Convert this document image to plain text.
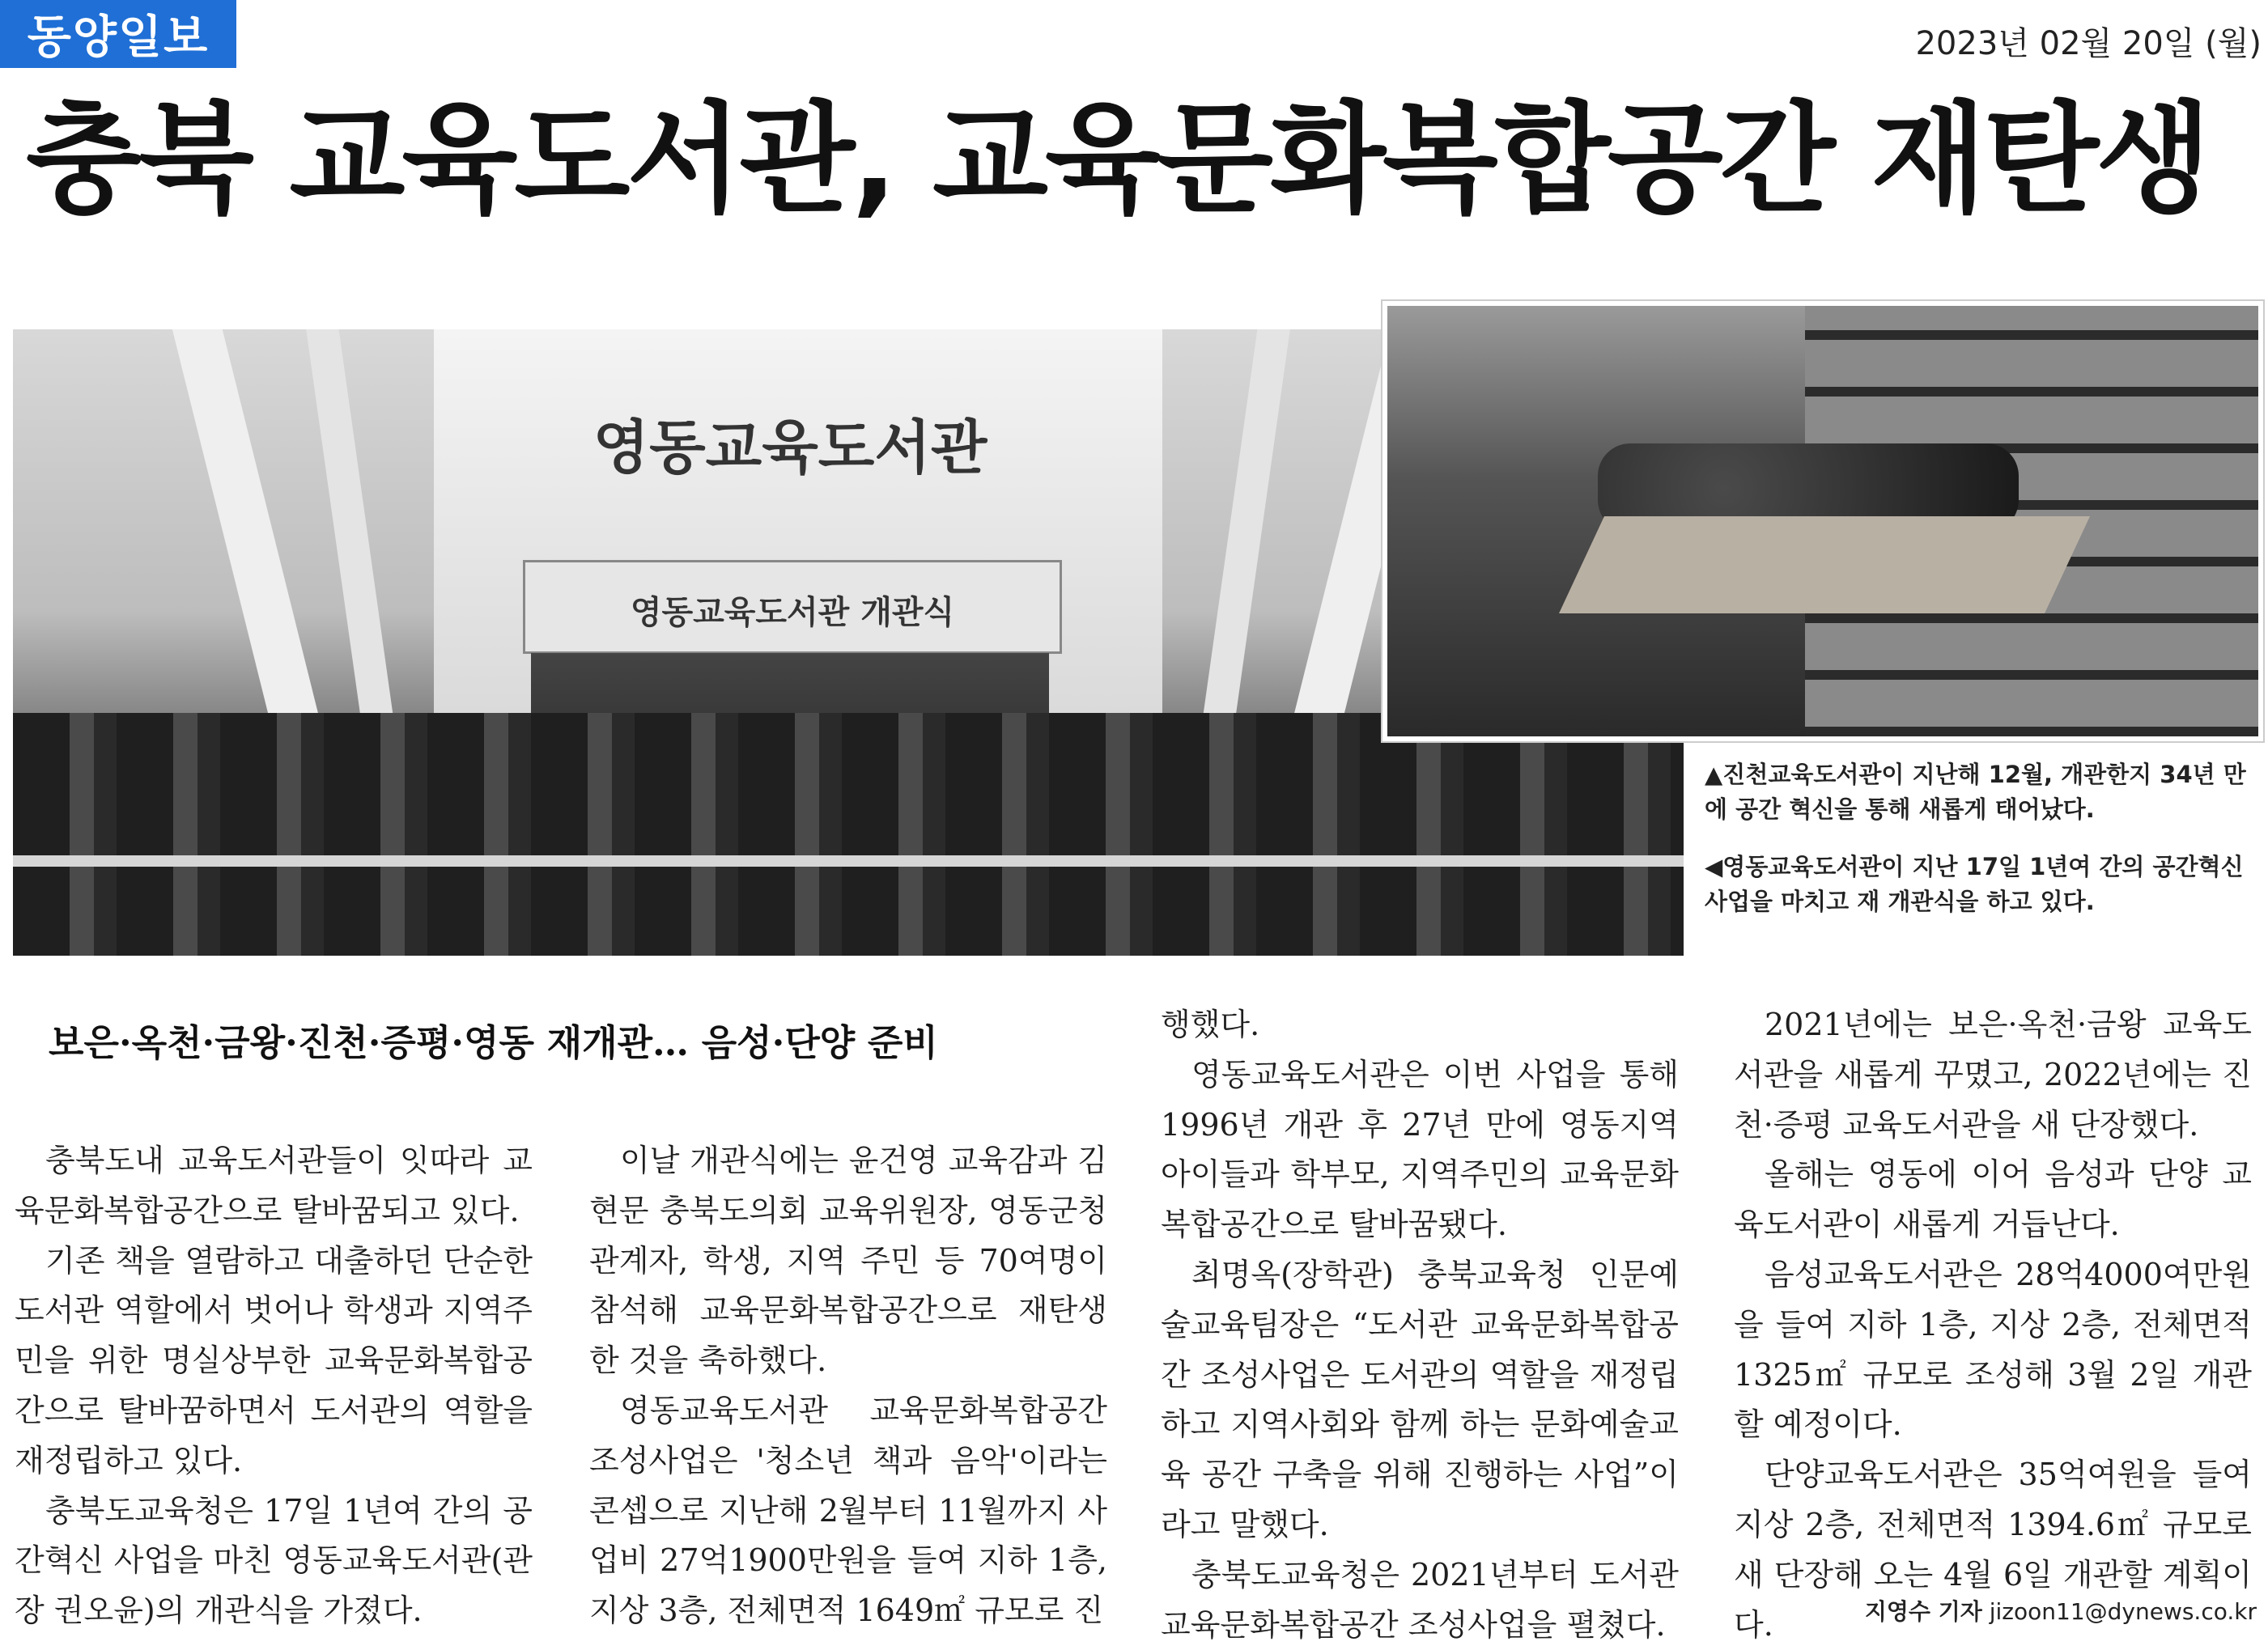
동양일보	2023년 02월 20일 (월)
충북 교육도서관, 교육문화복합공간 재탄생
영동교육도서관
영동교육도서관 개관식

▲진천교육도서관이 지난해 12월, 개관한지 34년 만에 공간 혁신을 통해 새롭게 태어났다.

◀영동교육도서관이 지난 17일 1년여 간의 공간혁신 사업을 마치고 재 개관식을 하고 있다.

보은·옥천·금왕·진천·증평·영동 재개관… 음성·단양 준비

충북도내 교육도서관들이 잇따라 교육문화복합공간으로 탈바꿈되고 있다.

기존 책을 열람하고 대출하던 단순한 도서관 역할에서 벗어나 학생과 지역주민을 위한 명실상부한 교육문화복합공간으로 탈바꿈하면서 도서관의 역할을 재정립하고 있다.

충북도교육청은 17일 1년여 간의 공간혁신 사업을 마친 영동교육도서관(관장 권오윤)의 개관식을 가졌다.

이날 개관식에는 윤건영 교육감과 김현문 충북도의회 교육위원장, 영동군청 관계자, 학생, 지역 주민 등 70여명이 참석해 교육문화복합공간으로 재탄생한 것을 축하했다.

영동교육도서관 교육문화복합공간 조성사업은 '청소년 책과 음악'이라는 콘셉으로 지난해 2월부터 11월까지 사업비 27억1900만원을 들여 지하 1층, 지상 3층, 전체면적 1649㎡ 규모로 진

행했다.

영동교육도서관은 이번 사업을 통해 1996년 개관 후 27년 만에 영동지역 아이들과 학부모, 지역주민의 교육문화복합공간으로 탈바꿈됐다.

최명옥(장학관) 충북교육청 인문예술교육팀장은 “도서관 교육문화복합공간 조성사업은 도서관의 역할을 재정립하고 지역사회와 함께 하는 문화예술교육 공간 구축을 위해 진행하는 사업”이라고 말했다.

충북도교육청은 2021년부터 도서관 교육문화복합공간 조성사업을 펼쳤다.

2021년에는 보은·옥천·금왕 교육도서관을 새롭게 꾸몄고, 2022년에는 진천·증평 교육도서관을 새 단장했다.

올해는 영동에 이어 음성과 단양 교육도서관이 새롭게 거듭난다.

음성교육도서관은 28억4000여만원을 들여 지하 1층, 지상 2층, 전체면적 1325㎡ 규모로 조성해 3월 2일 개관할 예정이다.

단양교육도서관은 35억여원을 들여 지상 2층, 전체면적 1394.6㎡ 규모로 새 단장해 오는 4월 6일 개관할 계획이다.	지영수 기자 jizoon11@dynews.co.kr
